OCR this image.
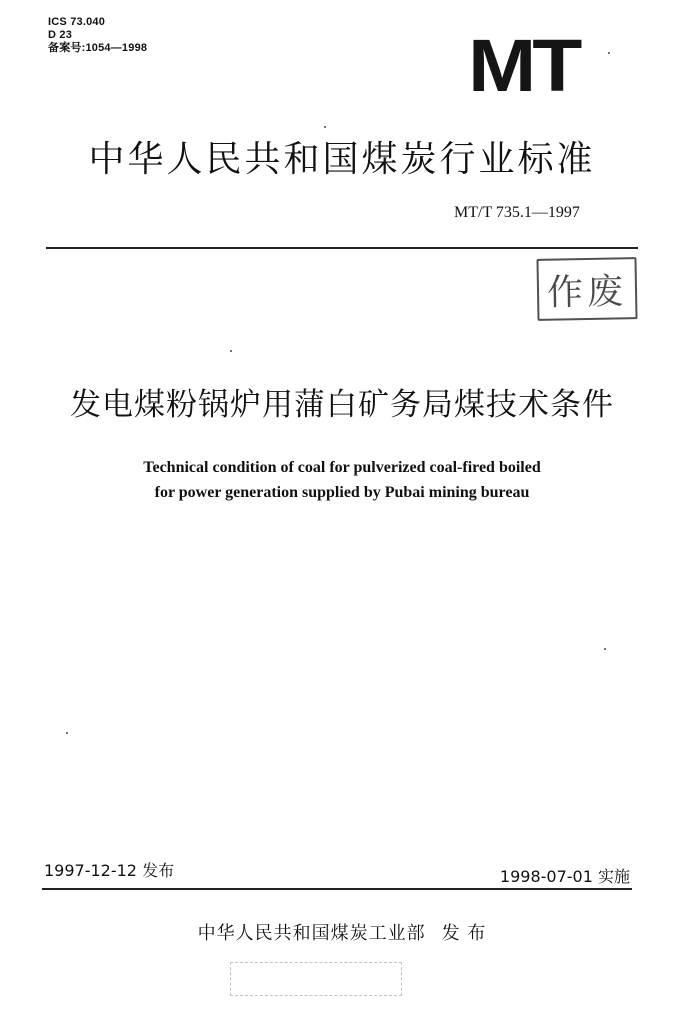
ICS 73.040
D 23
备案号:1054—1998	MT
中华人民共和国煤炭行业标准
MT/T 735.1—1997
作废
发电煤粉锅炉用蒲白矿务局煤技术条件
Technical condition of coal for pulverized coal-fired boiled
for power generation supplied by Pubai mining bureau
1997-12-12 发布	1998-07-01 实施
中华人民共和国煤炭工业部 发 布
